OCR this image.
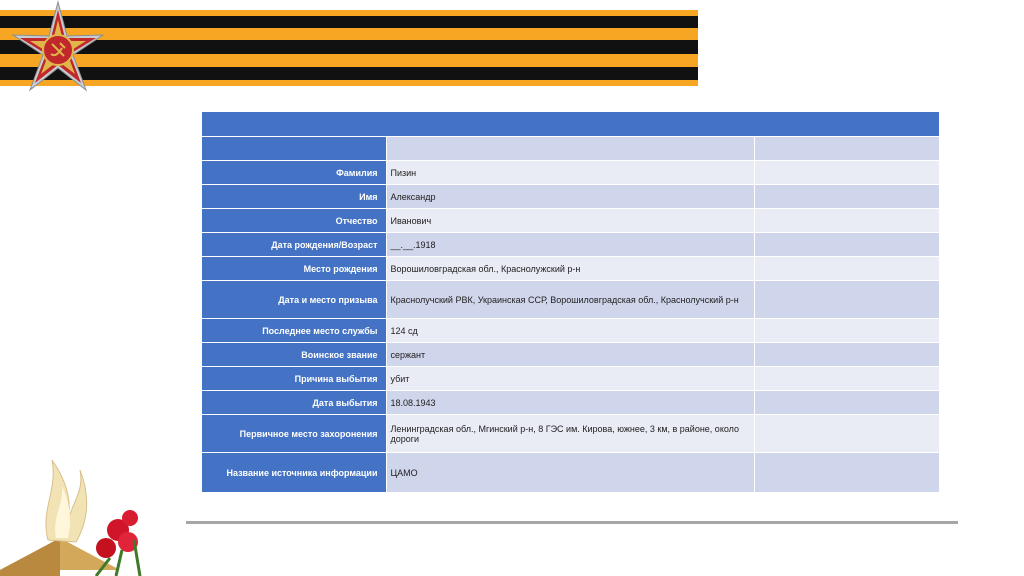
Фамилия	Пизин	
Имя	Александр	
Отчество	Иванович	
Дата рождения/Возраст	__.__.1918	
Место рождения	Ворошиловградская обл., Краснолужский р-н	
Дата и место призыва	Краснолучский РВК, Украинская ССР, Ворошиловградская обл., Краснолучский р-н	
Последнее место службы	124 сд	
Воинское звание	сержант	
Причина выбытия	убит	
Дата выбытия	18.08.1943	
Первичное место захоронения	Ленинградская обл., Мгинский р-н, 8 ГЭС им. Кирова, южнее, 3 км, в районе, около дороги	
Название источника информации	ЦАМО	
